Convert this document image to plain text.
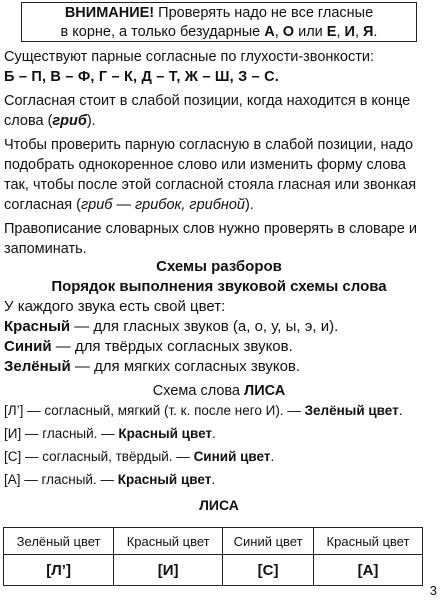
ВНИМАНИЕ! Проверять надо не все гласные
в корне, а только безударные А, О или Е, И, Я.

Существуют парные согласные по глухости-звонкости:

Б – П, В – Ф, Г – К, Д – Т, Ж – Ш, З – С.

Согласная стоит в слабой позиции, когда находится в конце слова (гриб).

Чтобы проверить парную согласную в слабой позиции, надо подобрать однокоренное слово или изменить форму слова так, чтобы после этой согласной стояла гласная или звонкая согласная (гриб — грибок, грибной).

Правописание словарных слов нужно проверять в словаре и запоминать.

Схемы разборов

Порядок выполнения звуковой схемы слова

У каждого звука есть свой цвет:

Красный — для гласных звуков (а, о, у, ы, э, и).

Синий — для твёрдых согласных звуков.

Зелёный — для мягких согласных звуков.

Схема слова ЛИСА

[Л’] — согласный, мягкий (т. к. после него И). — Зелёный цвет.

[И] — гласный. — Красный цвет.

[С] — согласный, твёрдый. — Синий цвет.

[А] — гласный. — Красный цвет.

ЛИСА

Зелёный цвет	Красный цвет	Синий цвет	Красный цвет
[Л’]	[И]	[С]	[А]
3
